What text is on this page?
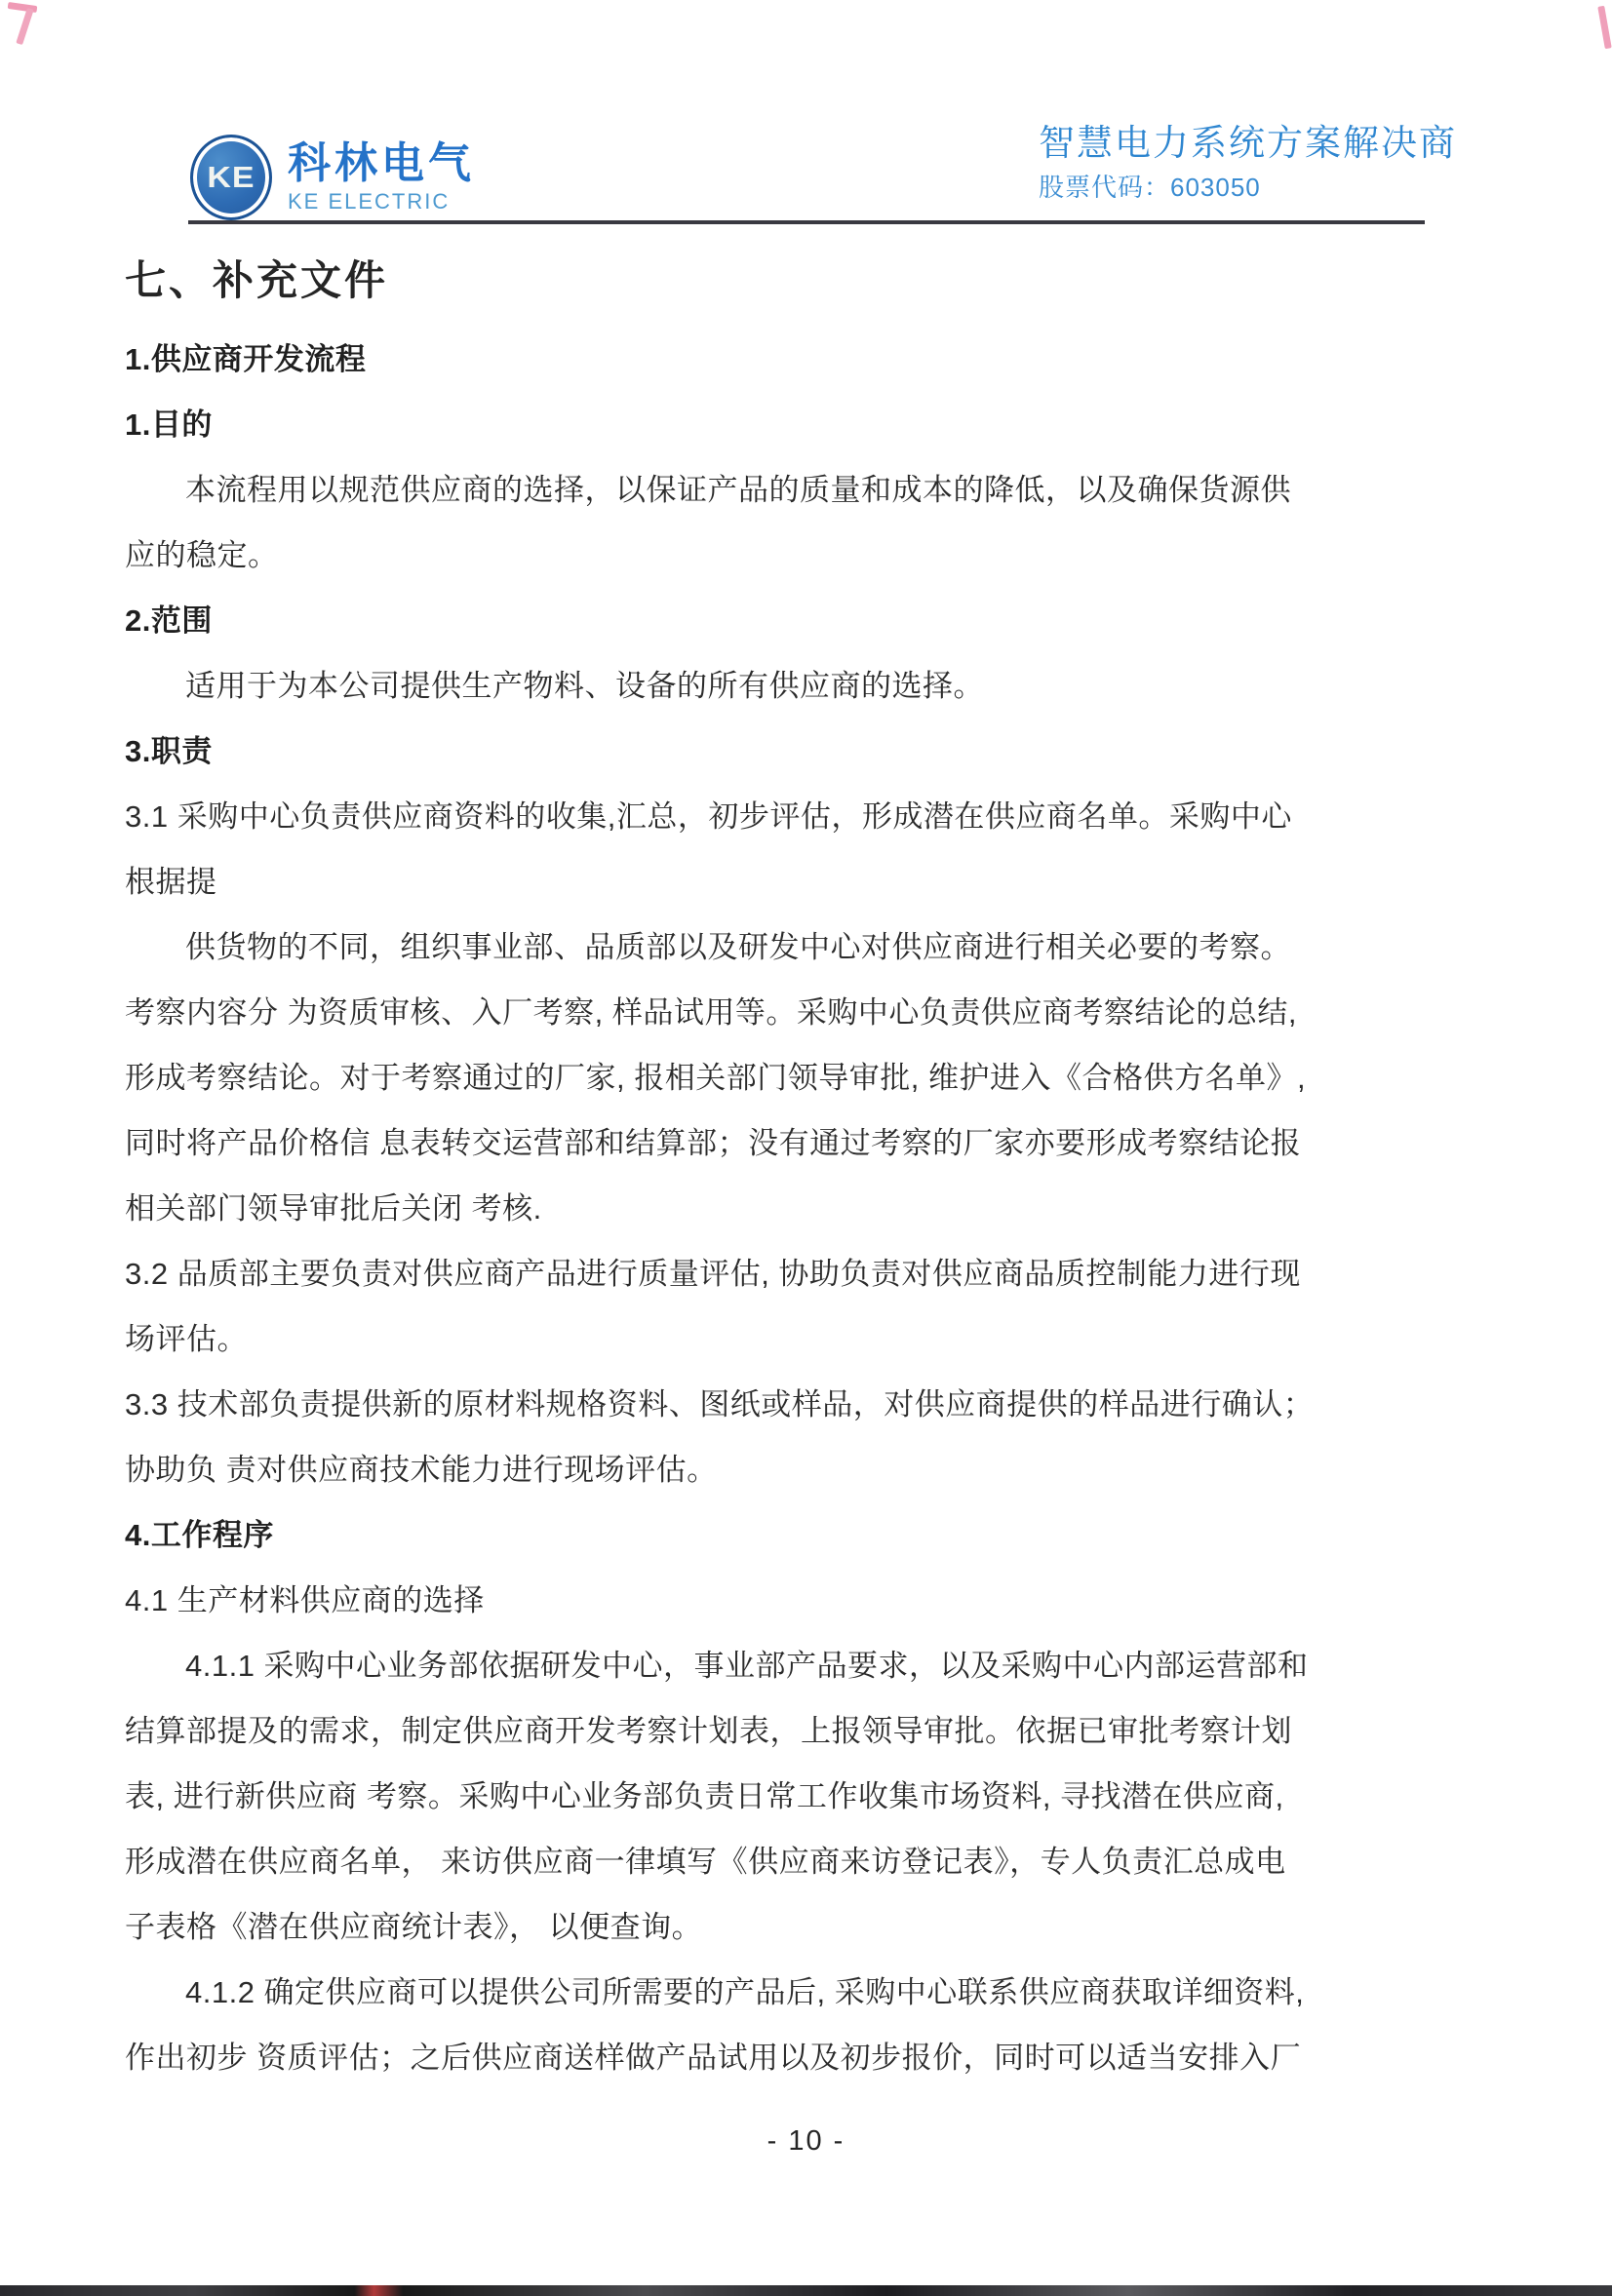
KE 科林电气
KE ELECTRIC
智慧电力系统方案解决商
股票代码：603050
七、补充文件
1.供应商开发流程
1.目的
本流程用以规范供应商的选择，以保证产品的质量和成本的降低，以及确保货源供
应的稳定。
2.范围
适用于为本公司提供生产物料、设备的所有供应商的选择。
3.职责
3.1 采购中心负责供应商资料的收集,汇总，初步评估，形成潜在供应商名单。采购中心
根据提
供货物的不同，组织事业部、品质部以及研发中心对供应商进行相关必要的考察。
考察内容分 为资质审核、入厂考察, 样品试用等。采购中心负责供应商考察结论的总结,
形成考察结论。对于考察通过的厂家, 报相关部门领导审批, 维护进入《合格供方名单》,
同时将产品价格信 息表转交运营部和结算部；没有通过考察的厂家亦要形成考察结论报
相关部门领导审批后关闭 考核.
3.2 品质部主要负责对供应商产品进行质量评估, 协助负责对供应商品质控制能力进行现
场评估。
3.3 技术部负责提供新的原材料规格资料、图纸或样品，对供应商提供的样品进行确认；
协助负 责对供应商技术能力进行现场评估。
4.工作程序
4.1 生产材料供应商的选择
4.1.1 采购中心业务部依据研发中心，事业部产品要求，以及采购中心内部运营部和
结算部提及的需求，制定供应商开发考察计划表，上报领导审批。依据已审批考察计划
表, 进行新供应商 考察。采购中心业务部负责日常工作收集市场资料, 寻找潜在供应商,
形成潜在供应商名单， 来访供应商一律填写《供应商来访登记表》，专人负责汇总成电
子表格《潜在供应商统计表》， 以便查询。
4.1.2 确定供应商可以提供公司所需要的产品后, 采购中心联系供应商获取详细资料,
作出初步 资质评估；之后供应商送样做产品试用以及初步报价，同时可以适当安排入厂
- 10 -
